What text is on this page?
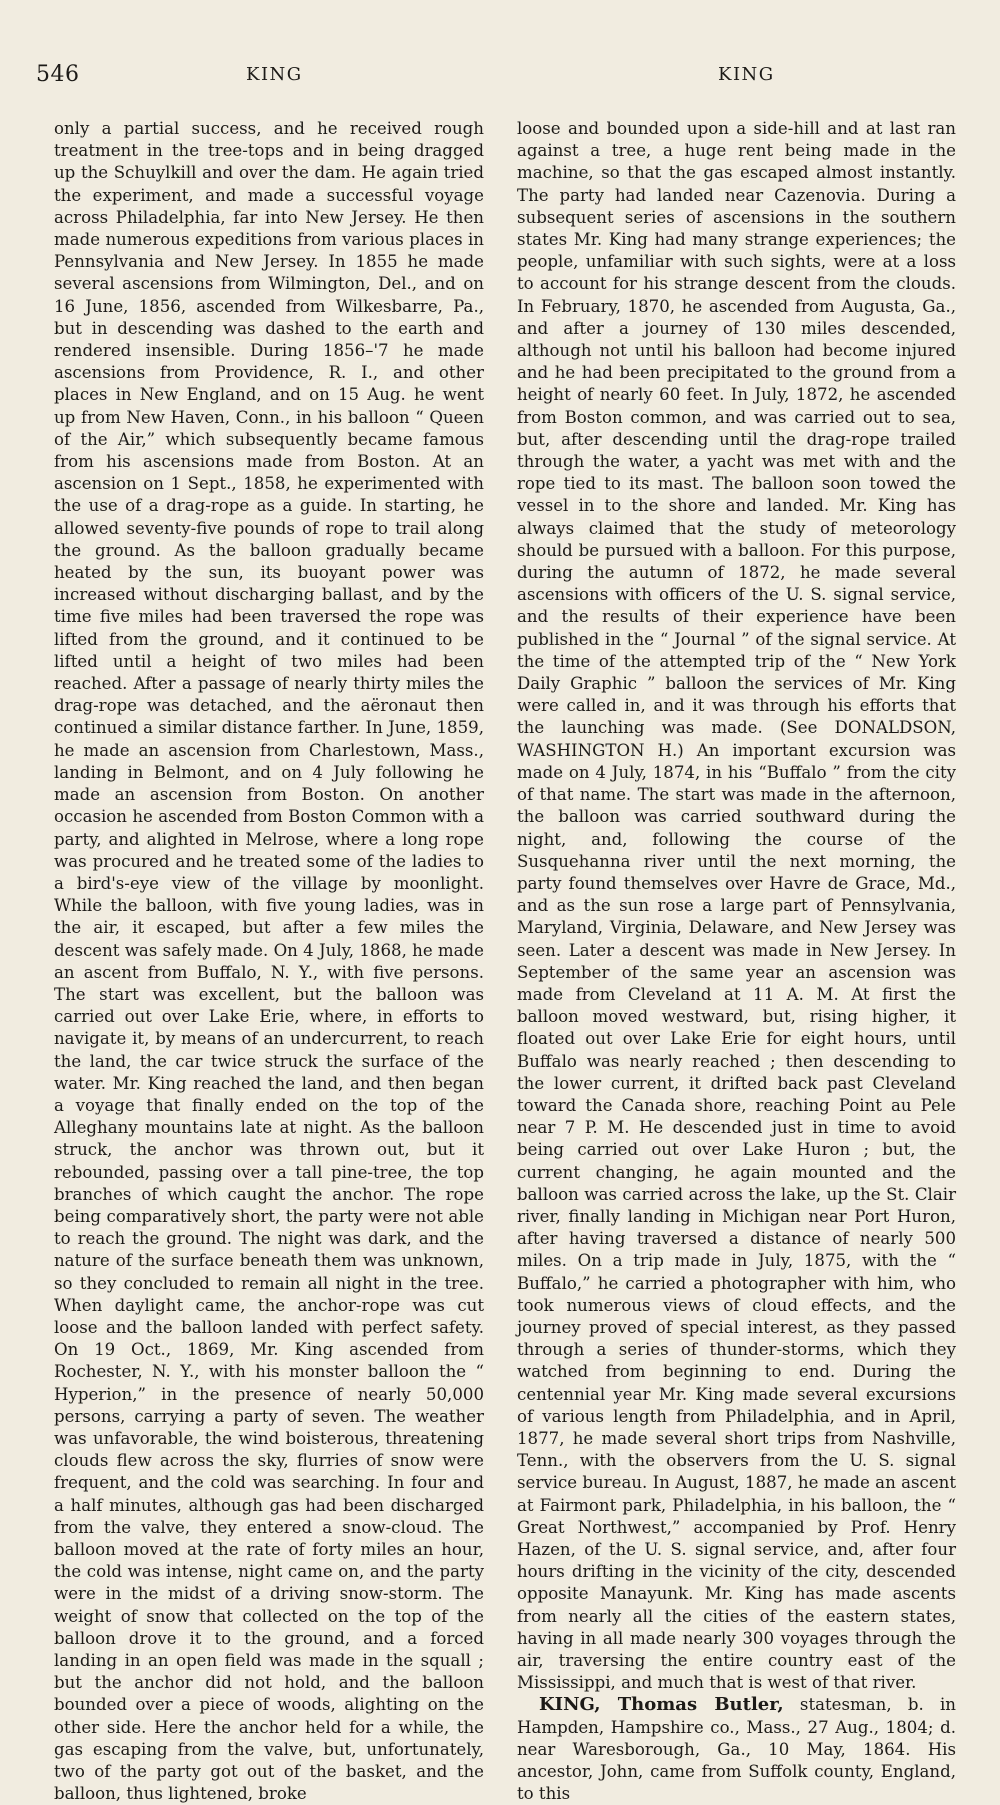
546	KING	KING

only a partial success, and he received rough treatment in the tree-tops and in being dragged up the Schuylkill and over the dam. He again tried the experiment, and made a successful voyage across Philadelphia, far into New Jersey. He then made numerous expeditions from various places in Pennsylvania and New Jersey. In 1855 he made several ascensions from Wilmington, Del., and on 16 June, 1856, ascended from Wilkesbarre, Pa., but in descending was dashed to the earth and rendered insensible. During 1856–'7 he made ascensions from Providence, R. I., and other places in New England, and on 15 Aug. he went up from New Haven, Conn., in his balloon “ Queen of the Air,” which subsequently became famous from his ascensions made from Boston. At an ascension on 1 Sept., 1858, he experimented with the use of a drag-rope as a guide. In starting, he allowed seventy-five pounds of rope to trail along the ground. As the balloon gradually became heated by the sun, its buoyant power was increased without discharging ballast, and by the time five miles had been traversed the rope was lifted from the ground, and it continued to be lifted until a height of two miles had been reached. After a passage of nearly thirty miles the drag-rope was detached, and the aëronaut then continued a similar distance farther. In June, 1859, he made an ascension from Charlestown, Mass., landing in Belmont, and on 4 July following he made an ascension from Boston. On another occasion he ascended from Boston Common with a party, and alighted in Melrose, where a long rope was procured and he treated some of the ladies to a bird's-eye view of the village by moonlight. While the balloon, with five young ladies, was in the air, it escaped, but after a few miles the descent was safely made. On 4 July, 1868, he made an ascent from Buffalo, N. Y., with five persons. The start was excellent, but the balloon was carried out over Lake Erie, where, in efforts to navigate it, by means of an undercurrent, to reach the land, the car twice struck the surface of the water. Mr. King reached the land, and then began a voyage that finally ended on the top of the Alleghany mountains late at night. As the balloon struck, the anchor was thrown out, but it rebounded, passing over a tall pine-tree, the top branches of which caught the anchor. The rope being comparatively short, the party were not able to reach the ground. The night was dark, and the nature of the surface beneath them was unknown, so they concluded to remain all night in the tree. When daylight came, the anchor-rope was cut loose and the balloon landed with perfect safety. On 19 Oct., 1869, Mr. King ascended from Rochester, N. Y., with his monster balloon the “ Hyperion,” in the presence of nearly 50,000 persons, carrying a party of seven. The weather was unfavorable, the wind boisterous, threatening clouds flew across the sky, flurries of snow were frequent, and the cold was searching. In four and a half minutes, although gas had been discharged from the valve, they entered a snow-cloud. The balloon moved at the rate of forty miles an hour, the cold was intense, night came on, and the party were in the midst of a driving snow-storm. The weight of snow that collected on the top of the balloon drove it to the ground, and a forced landing in an open field was made in the squall ; but the anchor did not hold, and the balloon bounded over a piece of woods, alighting on the other side. Here the anchor held for a while, the gas escaping from the valve, but, unfortunately, two of the party got out of the basket, and the balloon, thus lightened, broke

loose and bounded upon a side-hill and at last ran against a tree, a huge rent being made in the machine, so that the gas escaped almost instantly. The party had landed near Cazenovia. During a subsequent series of ascensions in the southern states Mr. King had many strange experiences; the people, unfamiliar with such sights, were at a loss to account for his strange descent from the clouds. In February, 1870, he ascended from Augusta, Ga., and after a journey of 130 miles descended, although not until his balloon had become injured and he had been precipitated to the ground from a height of nearly 60 feet. In July, 1872, he ascended from Boston common, and was carried out to sea, but, after descending until the drag-rope trailed through the water, a yacht was met with and the rope tied to its mast. The balloon soon towed the vessel in to the shore and landed. Mr. King has always claimed that the study of meteorology should be pursued with a balloon. For this purpose, during the autumn of 1872, he made several ascensions with officers of the U. S. signal service, and the results of their experience have been published in the “ Journal ” of the signal service. At the time of the attempted trip of the “ New York Daily Graphic ” balloon the services of Mr. King were called in, and it was through his efforts that the launching was made. (See DONALDSON, WASHINGTON H.) An important excursion was made on 4 July, 1874, in his “Buffalo ” from the city of that name. The start was made in the afternoon, the balloon was carried southward during the night, and, following the course of the Susquehanna river until the next morning, the party found themselves over Havre de Grace, Md., and as the sun rose a large part of Pennsylvania, Maryland, Virginia, Delaware, and New Jersey was seen. Later a descent was made in New Jersey. In September of the same year an ascension was made from Cleveland at 11 A. M. At first the balloon moved westward, but, rising higher, it floated out over Lake Erie for eight hours, until Buffalo was nearly reached ; then descending to the lower current, it drifted back past Cleveland toward the Canada shore, reaching Point au Pele near 7 P. M. He descended just in time to avoid being carried out over Lake Huron ; but, the current changing, he again mounted and the balloon was carried across the lake, up the St. Clair river, finally landing in Michigan near Port Huron, after having traversed a distance of nearly 500 miles. On a trip made in July, 1875, with the “ Buffalo,” he carried a photographer with him, who took numerous views of cloud effects, and the journey proved of special interest, as they passed through a series of thunder-storms, which they watched from beginning to end. During the centennial year Mr. King made several excursions of various length from Philadelphia, and in April, 1877, he made several short trips from Nashville, Tenn., with the observers from the U. S. signal service bureau. In August, 1887, he made an ascent at Fairmont park, Philadelphia, in his balloon, the “ Great Northwest,” accompanied by Prof. Henry Hazen, of the U. S. signal service, and, after four hours drifting in the vicinity of the city, descended opposite Manayunk. Mr. King has made ascents from nearly all the cities of the eastern states, having in all made nearly 300 voyages through the air, traversing the entire country east of the Mississippi, and much that is west of that river.

KING, Thomas Butler, statesman, b. in Hampden, Hampshire co., Mass., 27 Aug., 1804; d. near Waresborough, Ga., 10 May, 1864. His ancestor, John, came from Suffolk county, England, to this
